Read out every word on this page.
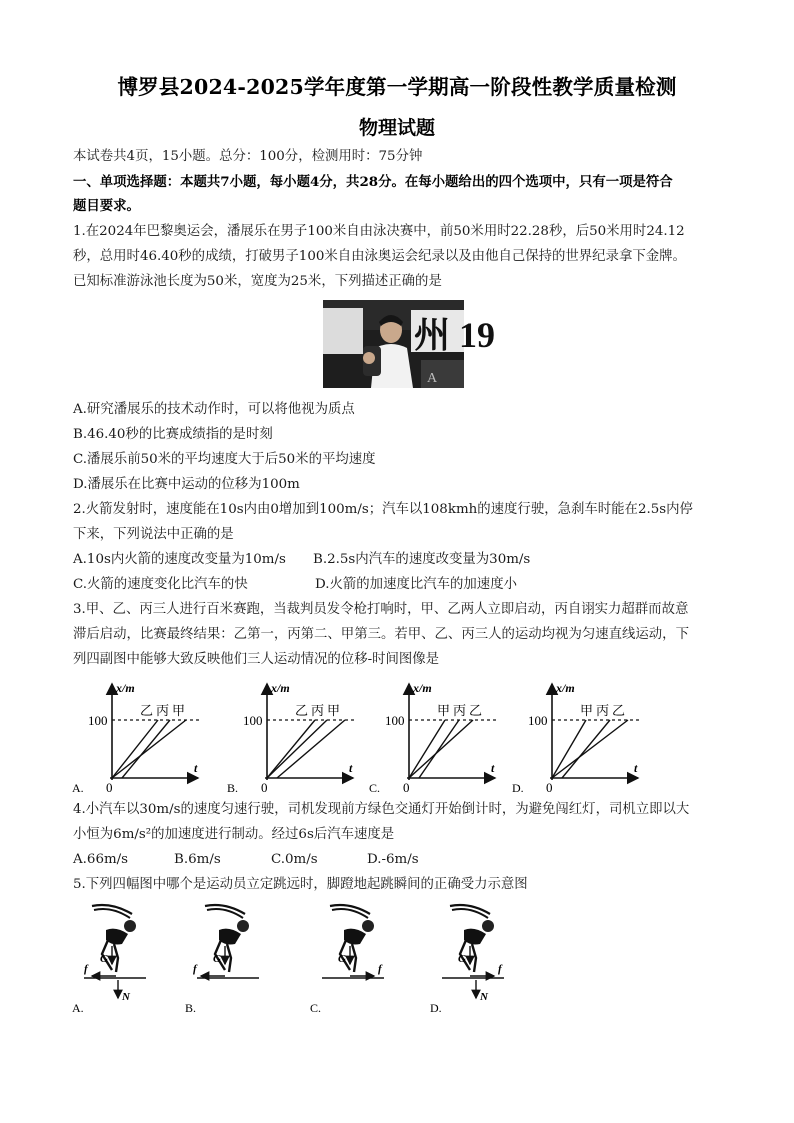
博罗县2024-2025学年度第一学期高一阶段性教学质量检测
物理试题
本试卷共4页，15小题。总分：100分，检测用时：75分钟
一、单项选择题：本题共7小题，每小题4分，共28分。在每小题给出的四个选项中，只有一项是符合
题目要求。
1.在2024年巴黎奥运会，潘展乐在男子100米自由泳决赛中，前50米用时22.28秒，后50米用时24.12
秒，总用时46.40秒的成绩，打破男子100米自由泳奥运会纪录以及由他自己保持的世界纪录拿下金牌。
已知标准游泳池长度为50米，宽度为25米，下列描述正确的是
州 19
A
A.研究潘展乐的技术动作时，可以将他视为质点
B.46.40秒的比赛成绩指的是时刻
C.潘展乐前50米的平均速度大于后50米的平均速度
D.潘展乐在比赛中运动的位移为100m
2.火箭发射时，速度能在10s内由0增加到100m/s；汽车以108kmh的速度行驶，急刹车时能在2.5s内停
下来，下列说法中正确的是
A.10s内火箭的速度改变量为10m/s B.2.5s内汽车的速度改变量为30m/s
C.火箭的速度变化比汽车的快	D.火箭的加速度比汽车的加速度小
3.甲、乙、丙三人进行百米赛跑，当裁判员发令枪打响时，甲、乙两人立即启动，丙自诩实力超群而故意
滞后启动，比赛最终结果：乙第一，丙第二、甲第三。若甲、乙、丙三人的运动均视为匀速直线运动，下
列四副图中能够大致反映他们三人运动情况的位移-时间图像是
x/m
t
100
0
乙 丙 甲
A.
x/m
t
100
0
乙 丙 甲
B.
x/m
t
100
0
甲 丙 乙
C.
x/m
t
100
0
甲 丙 乙
D.
4.小汽车以30m/s的速度匀速行驶，司机发现前方绿色交通灯开始倒计时，为避免闯红灯，司机立即以大
小恒为6m/s²的加速度进行制动。经过6s后汽车速度是
A.66m/s	B.6m/s	C.0m/s	D.-6m/s
5.下列四幅图中哪个是运动员立定跳远时，脚蹬地起跳瞬间的正确受力示意图
G
f
N
A.
G
f
B.
G
f
C.
G
f
N
D.
